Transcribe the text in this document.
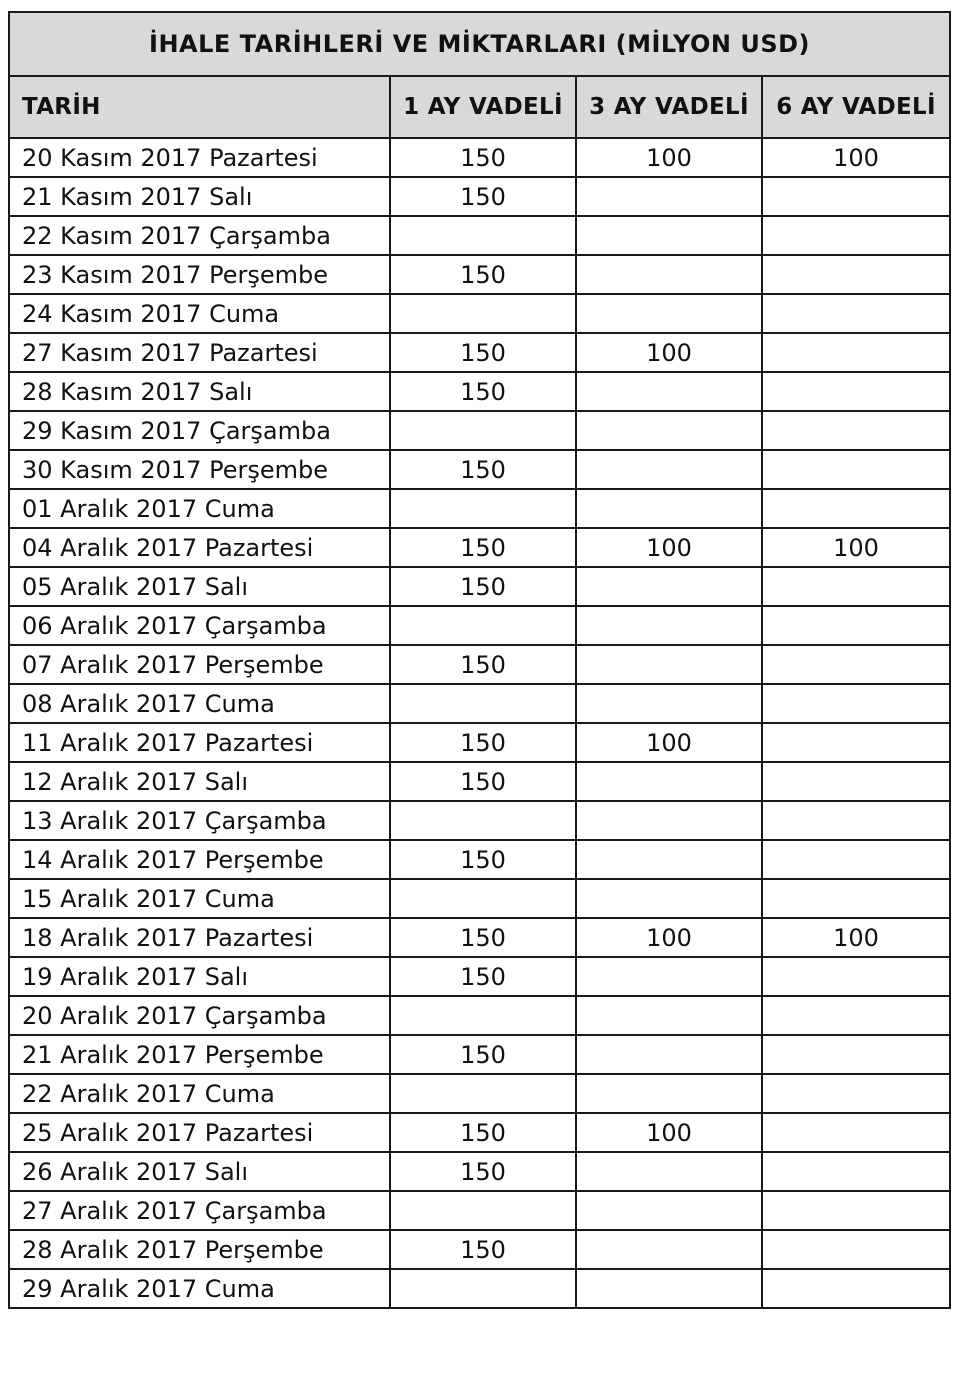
İHALE TARİHLERİ VE MİKTARLARI (MİLYON USD)			
TARİH	1 AY VADELİ	3 AY VADELİ	6 AY VADELİ
20 Kasım 2017 Pazartesi	150	100	100
21 Kasım 2017 Salı	150		
22 Kasım 2017 Çarşamba			
23 Kasım 2017 Perşembe	150		
24 Kasım 2017 Cuma			
27 Kasım 2017 Pazartesi	150	100	
28 Kasım 2017 Salı	150		
29 Kasım 2017 Çarşamba			
30 Kasım 2017 Perşembe	150		
01 Aralık 2017 Cuma			
04 Aralık 2017 Pazartesi	150	100	100
05 Aralık 2017 Salı	150		
06 Aralık 2017 Çarşamba			
07 Aralık 2017 Perşembe	150		
08 Aralık 2017 Cuma			
11 Aralık 2017 Pazartesi	150	100	
12 Aralık 2017 Salı	150		
13 Aralık 2017 Çarşamba			
14 Aralık 2017 Perşembe	150		
15 Aralık 2017 Cuma			
18 Aralık 2017 Pazartesi	150	100	100
19 Aralık 2017 Salı	150		
20 Aralık 2017 Çarşamba			
21 Aralık 2017 Perşembe	150		
22 Aralık 2017 Cuma			
25 Aralık 2017 Pazartesi	150	100	
26 Aralık 2017 Salı	150		
27 Aralık 2017 Çarşamba			
28 Aralık 2017 Perşembe	150		
29 Aralık 2017 Cuma			
